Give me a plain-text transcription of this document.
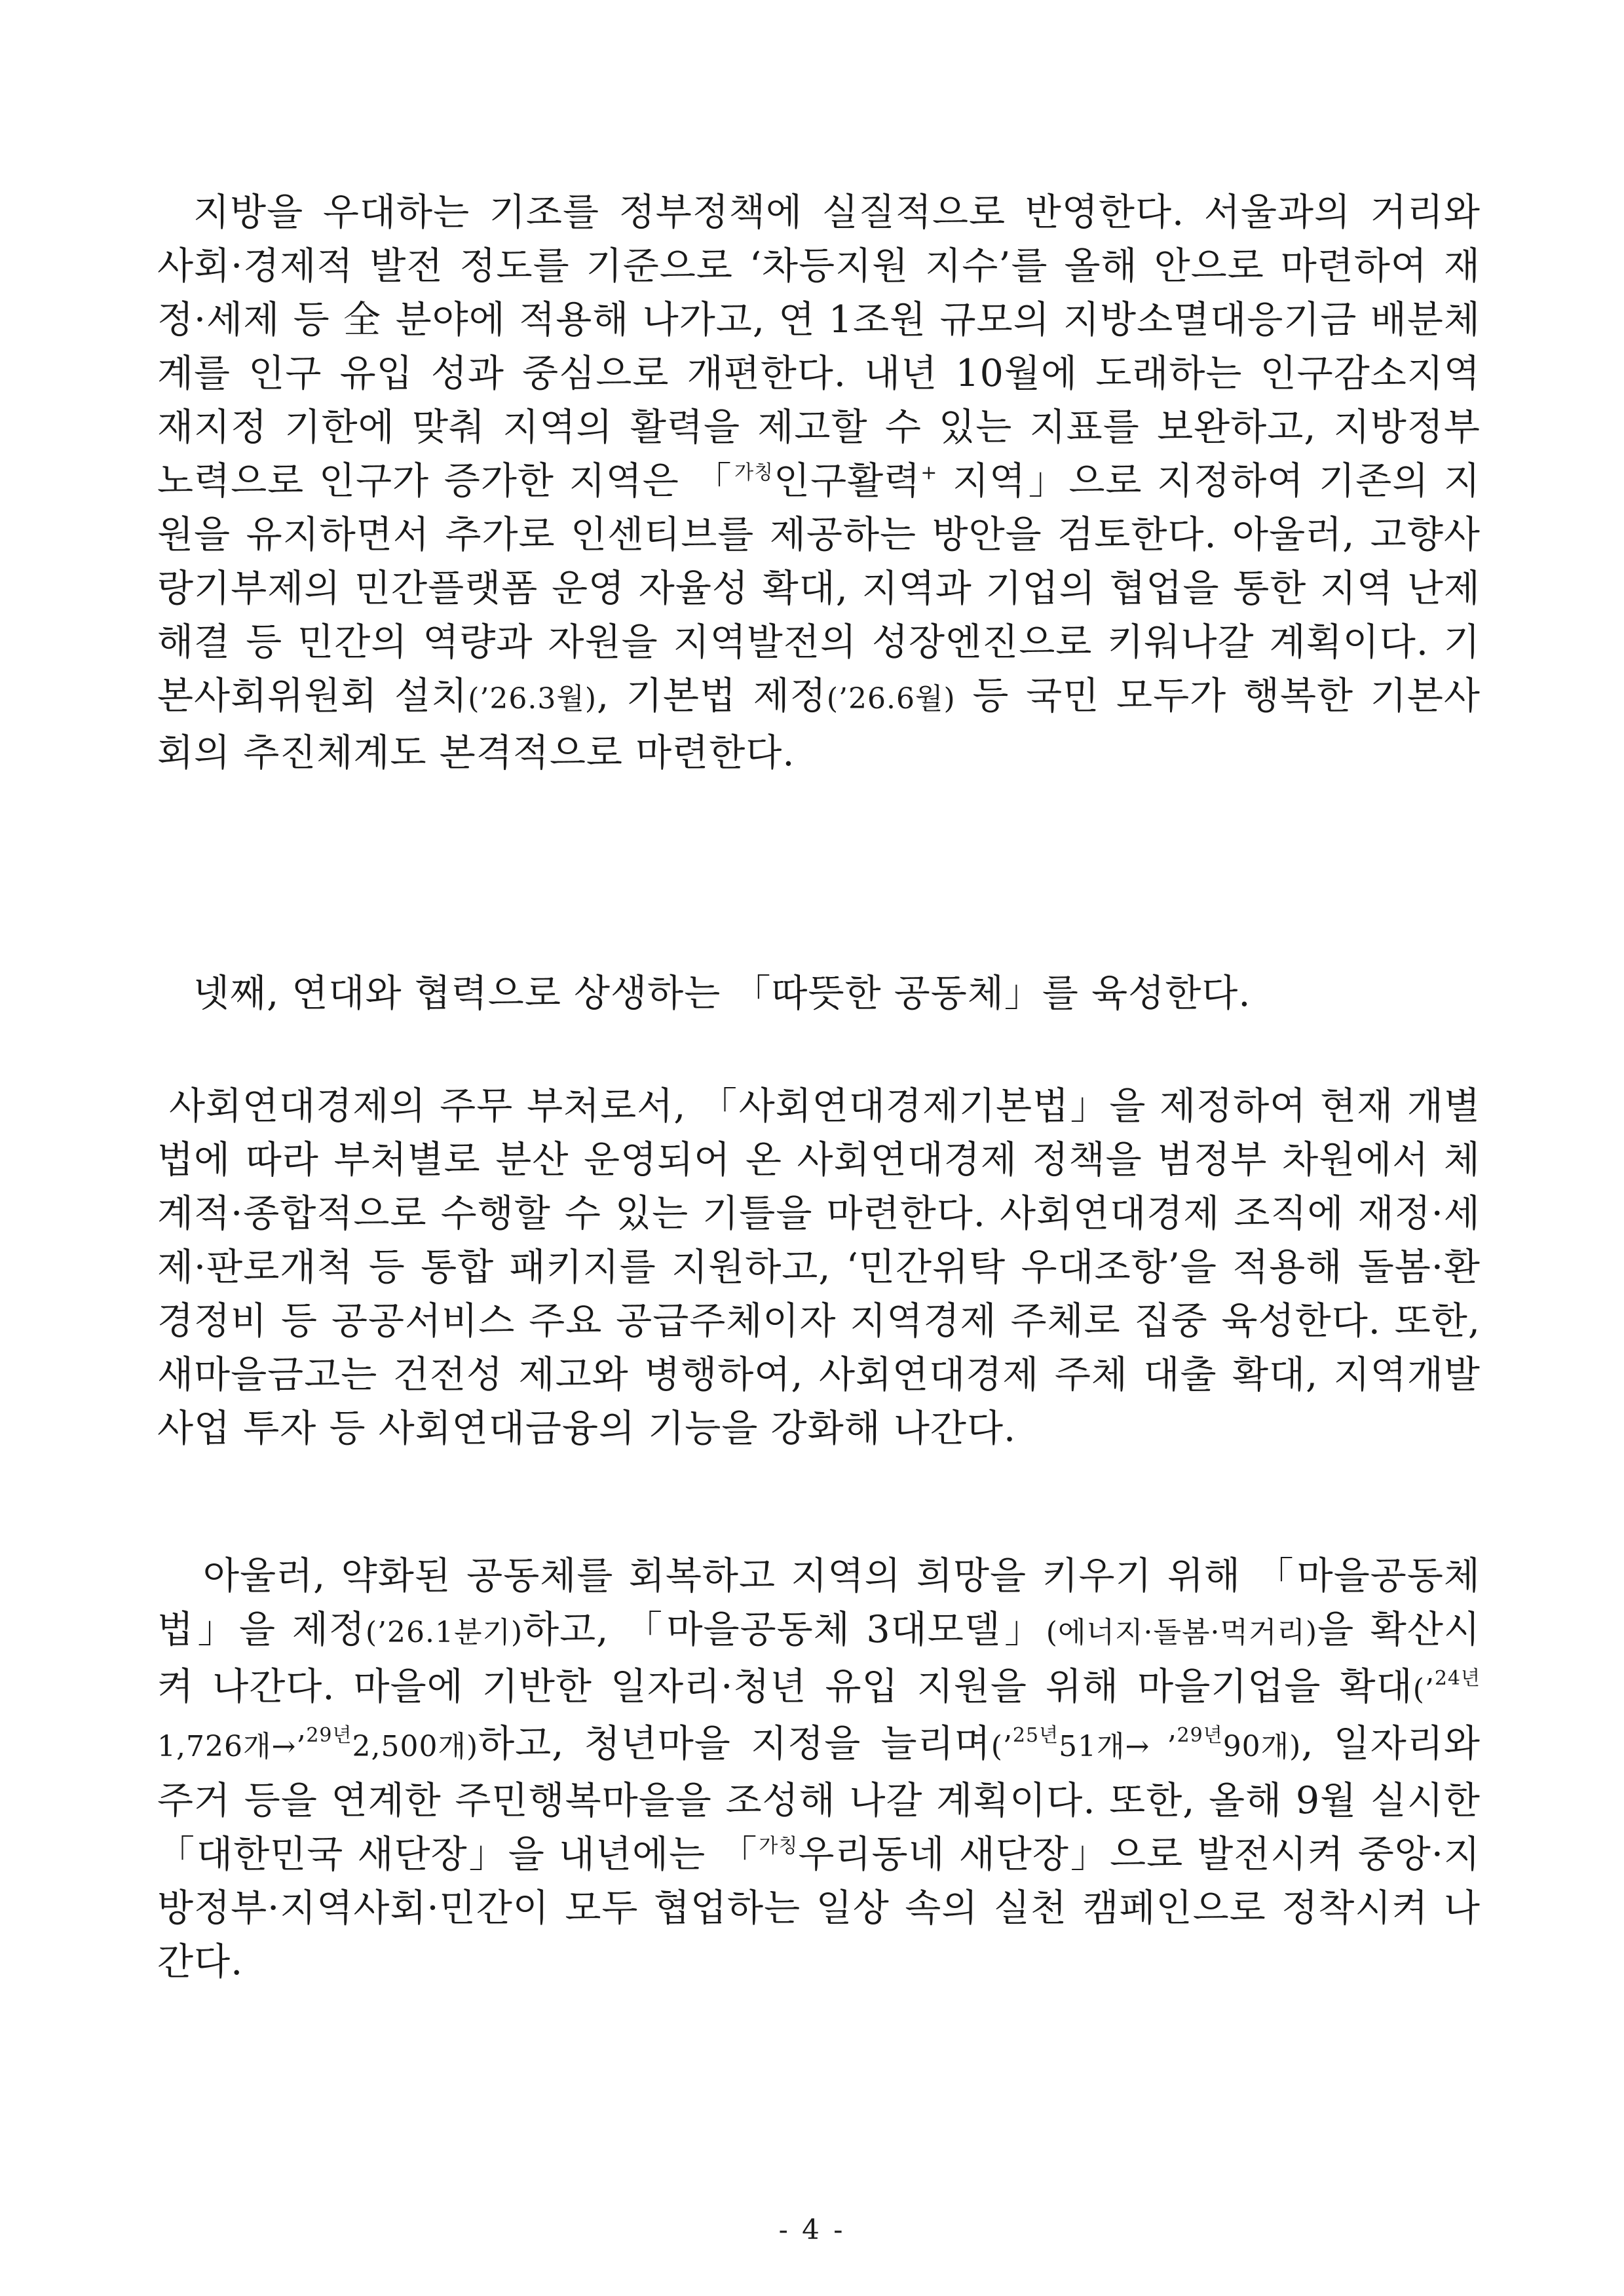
지방을 우대하는 기조를 정부정책에 실질적으로 반영한다. 서울과의 거리와 사회·경제적 발전 정도를 기준으로 ‘차등지원 지수’를 올해 안으로 마련하여 재정·세제 등 全 분야에 적용해 나가고, 연 1조원 규모의 지방소멸대응기금 배분체계를 인구 유입 성과 중심으로 개편한다. 내년 10월에 도래하는 인구감소지역 재지정 기한에 맞춰 지역의 활력을 제고할 수 있는 지표를 보완하고, 지방정부 노력으로 인구가 증가한 지역은 「$^{가칭}$인구활력+ 지역」으로 지정하여 기존의 지원을 유지하면서 추가로 인센티브를 제공하는 방안을 검토한다. 아울러, 고향사랑기부제의 민간플랫폼 운영 자율성 확대, 지역과 기업의 협업을 통한 지역 난제 해결 등 민간의 역량과 자원을 지역발전의 성장엔진으로 키워나갈 계획이다. 기본사회위원회 설치(’26.3월), 기본법 제정(’26.6월) 등 국민 모두가 행복한 기본사회의 추진체계도 본격적으로 마련한다.

넷째, 연대와 협력으로 상생하는 「따뜻한 공동체」를 육성한다.

사회연대경제의 주무 부처로서, 「사회연대경제기본법」을 제정하여 현재 개별법에 따라 부처별로 분산 운영되어 온 사회연대경제 정책을 범정부 차원에서 체계적·종합적으로 수행할 수 있는 기틀을 마련한다. 사회연대경제 조직에 재정·세제·판로개척 등 통합 패키지를 지원하고, ‘민간위탁 우대조항’을 적용해 돌봄·환경정비 등 공공서비스 주요 공급주체이자 지역경제 주체로 집중 육성한다. 또한, 새마을금고는 건전성 제고와 병행하여, 사회연대경제 주체 대출 확대, 지역개발 사업 투자 등 사회연대금융의 기능을 강화해 나간다.

아울러, 약화된 공동체를 회복하고 지역의 희망을 키우기 위해 「마을공동체법」을 제정(’26.1분기)하고, 「마을공동체 3대모델」(에너지·돌봄·먹거리)을 확산시켜 나간다. 마을에 기반한 일자리·청년 유입 지원을 위해 마을기업을 확대(’$^{24년}$1,726개→’$^{29년}$2,500개)하고, 청년마을 지정을 늘리며(’$^{25년}$51개→ ’$^{29년}$90개), 일자리와 주거 등을 연계한 주민행복마을을 조성해 나갈 계획이다. 또한, 올해 9월 실시한 「대한민국 새단장」을 내년에는 「$^{가칭}$우리동네 새단장」으로 발전시켜 중앙·지방정부·지역사회·민간이 모두 협업하는 일상 속의 실천 캠페인으로 정착시켜 나간다.

- 4 -
